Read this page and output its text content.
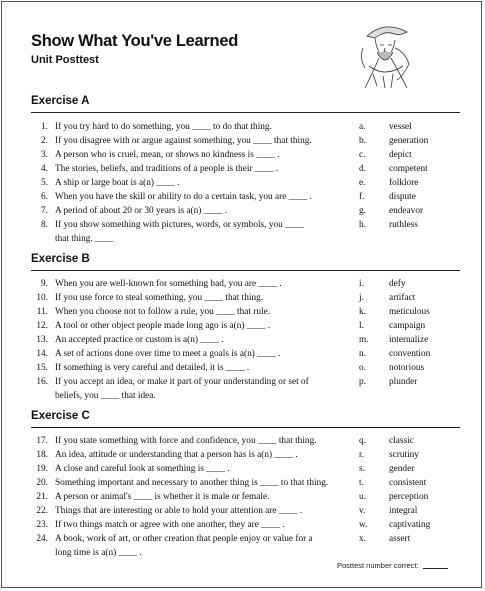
Show What You've Learned
Unit Posttest
Exercise A
1. If you try hard to do something, you ____ to do that thing.	a.	vessel
2. If you disagree with or argue against something, you ____ that thing.	b. generation
3. A person who is cruel, mean, or shows no kindness is ____ .	c.	depict
4. The stories, beliefs, and traditions of a people is their ____ .	d. competent
5. A ship or large boat is a(n) ____ .	e.	folklore
6. When you have the skill or ability to do a certain task, you are ____ .	f.	dispute
7. A period of about 20 or 30 years is a(n) ____ .	g. endeavor
8. If you show something with pictures, words, or symbols, you ____	h. ruthless
that thing. ____
Exercise B
9. When you are well-known for something bad, you are ____ .	i.	defy
10. If you use force to steal something, you ____ that thing.	j.	artifact
11. When you choose not to follow a rule, you ____ that rule.	k. meticulous
12. A tool or other object people made long ago is a(n) ____ .	l.	campaign
13. An accepted practice or custom is a(n) ____ .	m. internalize
14. A set of actions done over time to meet a goals is a(n) ____ .	n. convention
15. If something is very careful and detailed, it is ____ .	o. notorious
16. If you accept an idea, or make it part of your understanding or set of	p. plunder
beliefs, you ____ that idea.
Exercise C
17. If you state something with force and confidence, you ____ that thing.	q. classic
18. An idea, attitude or understanding that a person has is a(n) ____ .	r.	scrutiny
19. A close and careful look at something is ____ .	s.	gender
20. Something important and necessary to another thing is ____ to that thing.	t.	consistent
21. A person or animal's ____ is whether it is male or female.	u. perception
22. Things that are interesting or able to hold your attention are ____ .	v.	integral
23. If two things match or agree with one another, they are ____ .	w. captivating
24. A book, work of art, or other creation that people enjoy or value for a	x. assert
long time is a(n) ____ .
Posttest number correct:
